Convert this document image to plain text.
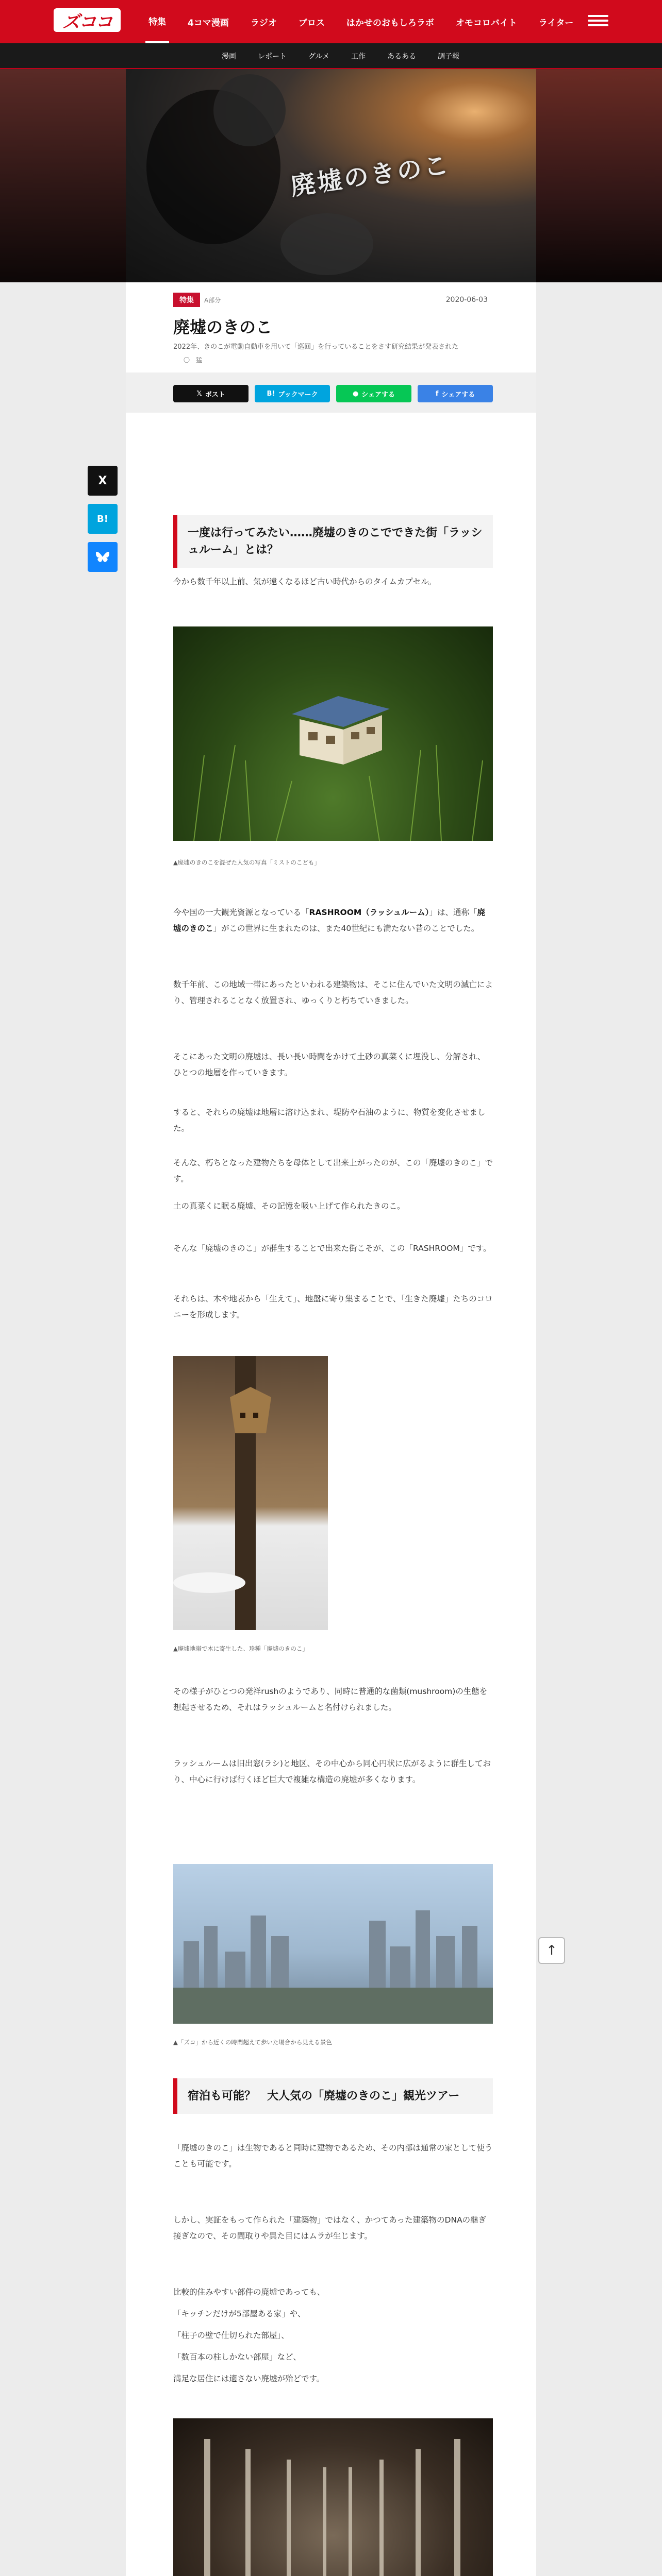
ズココ	特集	4コマ漫画	ラジオ	ブロス	はかせのおもしろラボ	オモコロバイト	ライター
漫画	レポート	グルメ	工作	あるある	調子報
廃墟のきのこ
特集	A部分	2020-06-03
廃墟のきのこ
2022年、きのこが電動自動車を用いて「巡回」を行っていることをさす研究結果が発表された
〇　猛
𝕏 ポスト	B! ブックマーク	● シェアする	f シェアする
一度は行ってみたい……廃墟のきのこでできた街「ラッシュルーム」とは？
今から数千年以上前、気が遠くなるほど古い時代からのタイムカプセル。
▲廃墟のきのこを混ぜた人気の写真「ミストのこども」
今や国の一大観光資源となっている「RASHROOM（ラッシュルーム）」は、通称「廃墟のきのこ」がこの世界に生まれたのは、また40世紀にも満たない昔のことでした。
数千年前、この地域一帯にあったといわれる建築物は、そこに住んでいた文明の滅亡により、管理されることなく放置され、ゆっくりと朽ちていきました。
そこにあった文明の廃墟は、長い長い時間をかけて土砂の真菜くに埋没し、分解され、ひとつの地層を作っていきます。
すると、それらの廃墟は地層に溶け込まれ、堤防や石油のように、物質を変化させました。
そんな、朽ちとなった建物たちを母体として出来上がったのが、この「廃墟のきのこ」です。
土の真菜くに眠る廃墟、その記憶を吸い上げて作られたきのこ。
そんな「廃墟のきのこ」が群生することで出来た街こそが、この「RASHROOM」です。
それらは、木や地表から「生えて」、地盤に寄り集まることで、「生きた廃墟」たちのコロニーを形成します。
▲廃墟地帯で木に寄生した、珍種「廃墟のきのこ」
その様子がひとつの発祥rushのようであり、同時に普通的な菌類(mushroom)の生態を想起させるため、それはラッシュルームと名付けられました。
ラッシュルームは旧出窓(ラシ)と地区、その中心から同心円状に広がるように群生しており、中心に行けば行くほど巨大で複雑な構造の廃墟が多くなります。
▲「ズコ」から近くの時間超えて歩いた場合から見える景色
宿泊も可能？　大人気の「廃墟のきのこ」観光ツアー
「廃墟のきのこ」は生物であると同時に建物であるため、その内部は通常の家として使うことも可能です。
しかし、実証をもって作られた「建築物」ではなく、かつてあった建築物のDNAの継ぎ接ぎなので、その間取りや異た目にはムラが生じます。
比較的住みやすい部件の廃墟であっても、
「キッチンだけが5部屋ある家」や、
「柱子の壁で仕切られた部屋」、
「数百本の柱しかない部屋」など、
満足な居住には適さない廃墟が殆どです。
X
B!
↑
